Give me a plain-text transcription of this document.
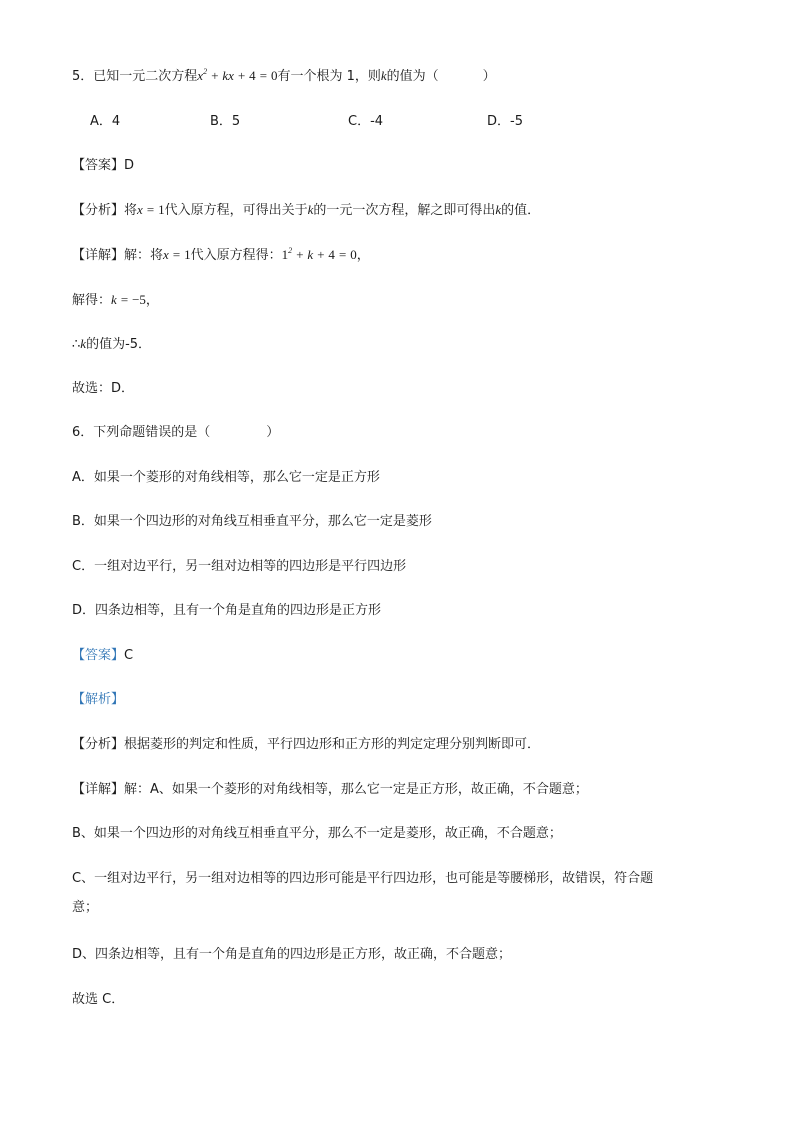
5．已知一元二次方程$x^2$ + kx + 4 = 0有一个根为 1，则k的值为（	）
A．4	B．5	C．-4	D．-5
【答案】D
【分析】将x = 1代入原方程，可得出关于k的一元一次方程，解之即可得出k的值．
【详解】解：将x = 1代入原方程得：$1^2 + k + 4 = 0$，
解得：k = −5，
∴k的值为-5．
故选：D．
6．下列命题错误的是（	）
A．如果一个菱形的对角线相等，那么它一定是正方形
B．如果一个四边形的对角线互相垂直平分，那么它一定是菱形
C．一组对边平行，另一组对边相等的四边形是平行四边形
D．四条边相等，且有一个角是直角的四边形是正方形
【答案】C
【解析】
【分析】根据菱形的判定和性质，平行四边形和正方形的判定定理分别判断即可．
【详解】解：A、如果一个菱形的对角线相等，那么它一定是正方形，故正确，不合题意；
B、如果一个四边形的对角线互相垂直平分，那么不一定是菱形，故正确，不合题意；
C、一组对边平行，另一组对边相等的四边形可能是平行四边形，也可能是等腰梯形，故错误，符合题
意；
D、四条边相等，且有一个角是直角的四边形是正方形，故正确，不合题意；
故选 C．
